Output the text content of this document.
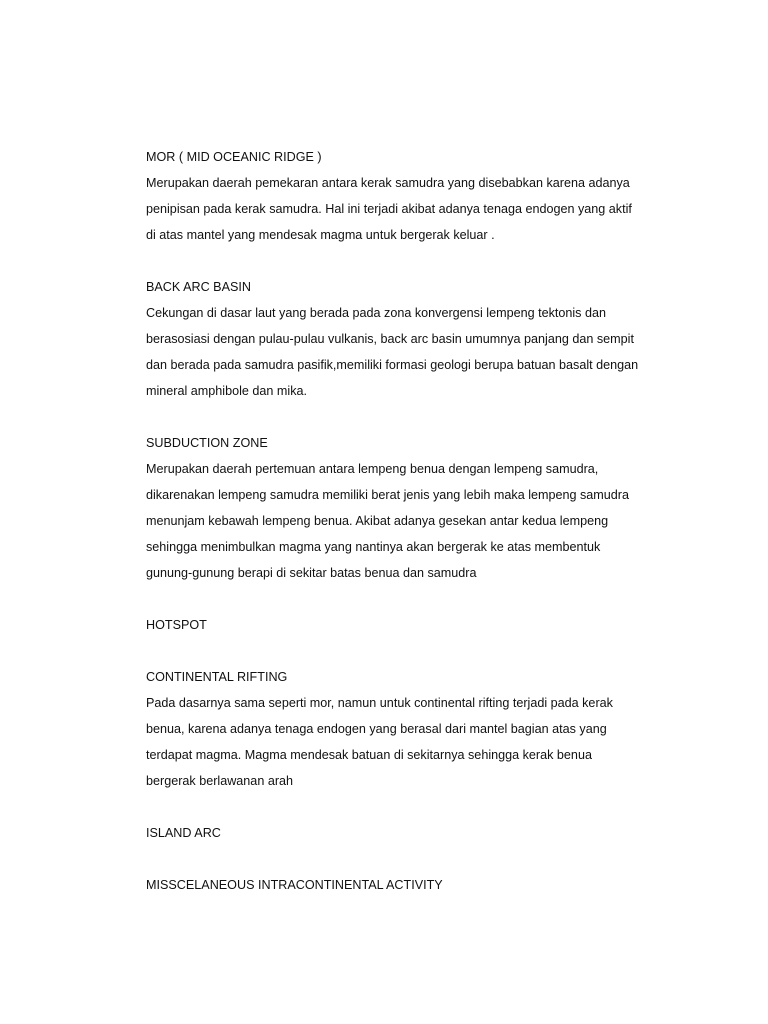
MOR ( MID OCEANIC RIDGE )
Merupakan daerah pemekaran antara kerak samudra yang disebabkan karena adanya
penipisan pada kerak samudra. Hal ini terjadi akibat adanya tenaga endogen yang aktif
di atas mantel yang mendesak magma untuk bergerak keluar .
BACK ARC BASIN
Cekungan di dasar laut yang berada pada zona konvergensi lempeng tektonis dan
berasosiasi dengan pulau-pulau vulkanis, back arc basin umumnya panjang dan sempit
dan berada pada samudra pasifik,memiliki formasi geologi berupa batuan basalt dengan
mineral amphibole dan mika.
SUBDUCTION ZONE
Merupakan daerah pertemuan antara lempeng benua dengan lempeng samudra,
dikarenakan lempeng samudra memiliki berat jenis yang lebih maka lempeng samudra
menunjam kebawah lempeng benua. Akibat adanya gesekan antar kedua lempeng
sehingga menimbulkan magma yang nantinya akan bergerak ke atas membentuk
gunung-gunung berapi di sekitar batas benua dan samudra
HOTSPOT
CONTINENTAL RIFTING
Pada dasarnya sama seperti mor, namun untuk continental rifting terjadi pada kerak
benua, karena adanya tenaga endogen yang berasal dari mantel bagian atas yang
terdapat magma. Magma mendesak batuan di sekitarnya sehingga kerak benua
bergerak berlawanan arah
ISLAND ARC
MISSCELANEOUS INTRACONTINENTAL ACTIVITY
